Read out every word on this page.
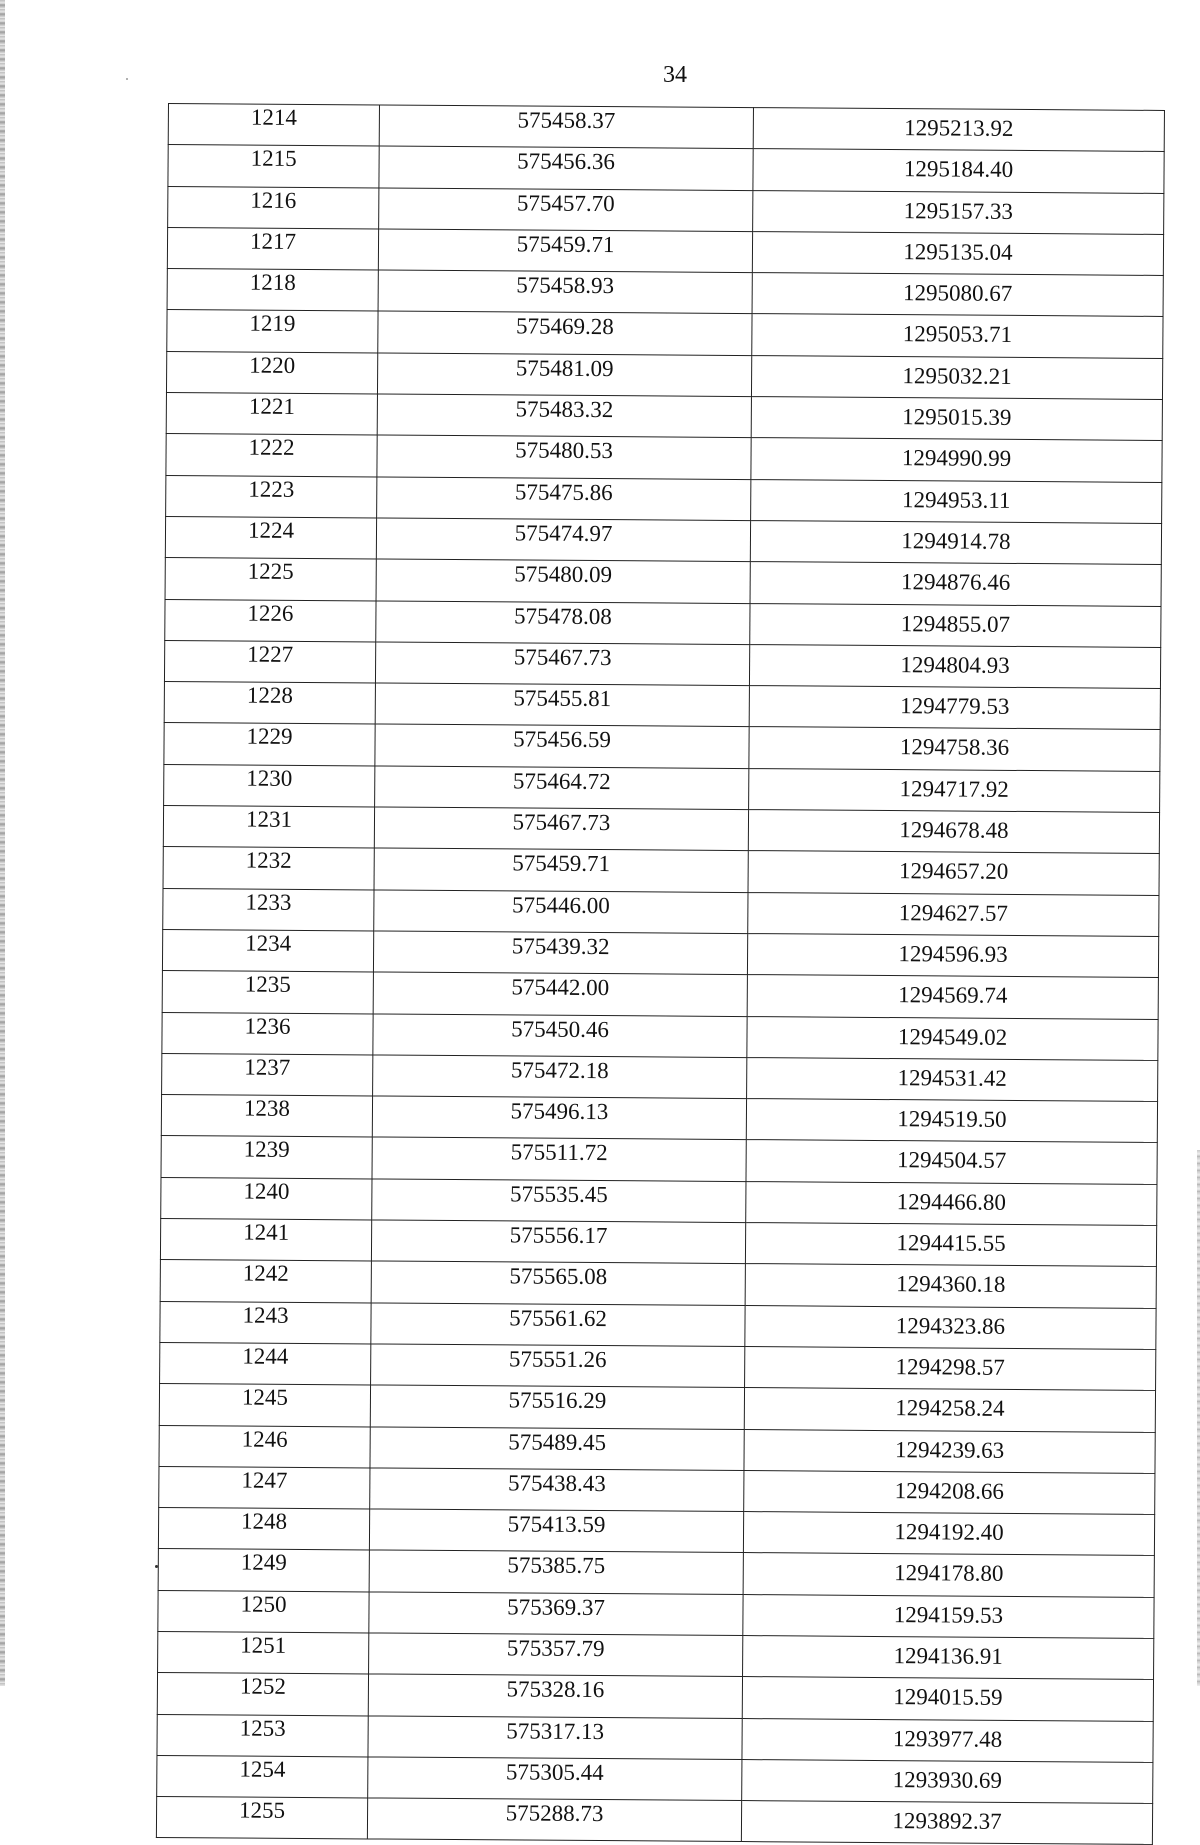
34
1214	575458.37	1295213.92
1215	575456.36	1295184.40
1216	575457.70	1295157.33
1217	575459.71	1295135.04
1218	575458.93	1295080.67
1219	575469.28	1295053.71
1220	575481.09	1295032.21
1221	575483.32	1295015.39
1222	575480.53	1294990.99
1223	575475.86	1294953.11
1224	575474.97	1294914.78
1225	575480.09	1294876.46
1226	575478.08	1294855.07
1227	575467.73	1294804.93
1228	575455.81	1294779.53
1229	575456.59	1294758.36
1230	575464.72	1294717.92
1231	575467.73	1294678.48
1232	575459.71	1294657.20
1233	575446.00	1294627.57
1234	575439.32	1294596.93
1235	575442.00	1294569.74
1236	575450.46	1294549.02
1237	575472.18	1294531.42
1238	575496.13	1294519.50
1239	575511.72	1294504.57
1240	575535.45	1294466.80
1241	575556.17	1294415.55
1242	575565.08	1294360.18
1243	575561.62	1294323.86
1244	575551.26	1294298.57
1245	575516.29	1294258.24
1246	575489.45	1294239.63
1247	575438.43	1294208.66
1248	575413.59	1294192.40
1249	575385.75	1294178.80
1250	575369.37	1294159.53
1251	575357.79	1294136.91
1252	575328.16	1294015.59
1253	575317.13	1293977.48
1254	575305.44	1293930.69
1255	575288.73	1293892.37
